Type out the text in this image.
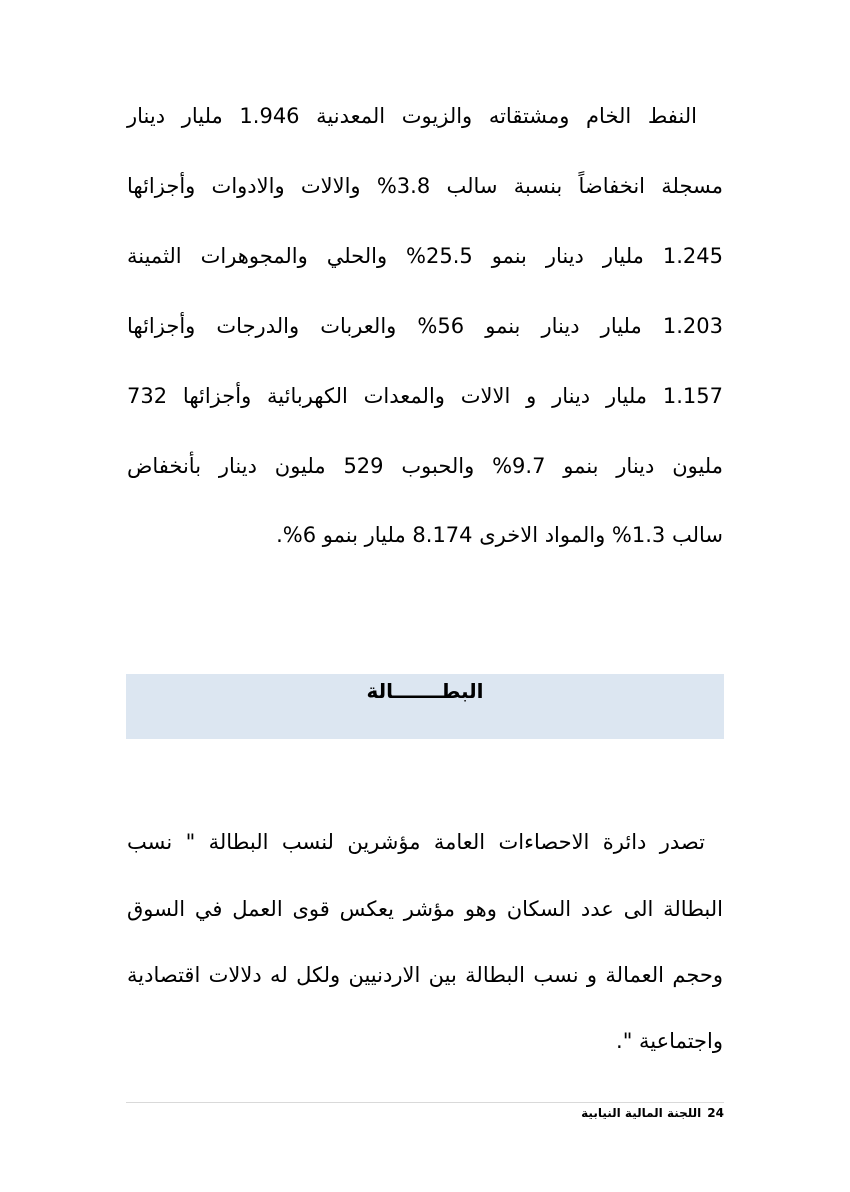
النفط الخام ومشتقاته والزيوت المعدنية 1.946 مليار دينار
مسجلة انخفاضاً بنسبة سالب 3.8% والالات والادوات وأجزائها
1.245 مليار دينار بنمو 25.5% والحلي والمجوهرات الثمينة
1.203 مليار دينار بنمو 56% والعربات والدرجات وأجزائها
1.157 مليار دينار و الالات والمعدات الكهربائية وأجزائها 732
مليون دينار بنمو 9.7% والحبوب 529 مليون دينار بأنخفاض
سالب 1.3% والمواد الاخرى 8.174 مليار بنمو 6%.
البطـــــــالة
تصدر دائرة الاحصاءات العامة مؤشرين لنسب البطالة " نسب
البطالة الى عدد السكان وهو مؤشر يعكس قوى العمل في السوق
وحجم العمالة و نسب البطالة بين الاردنيين ولكل له دلالات اقتصادية
واجتماعية ".
24اللجنة المالية النيابية
